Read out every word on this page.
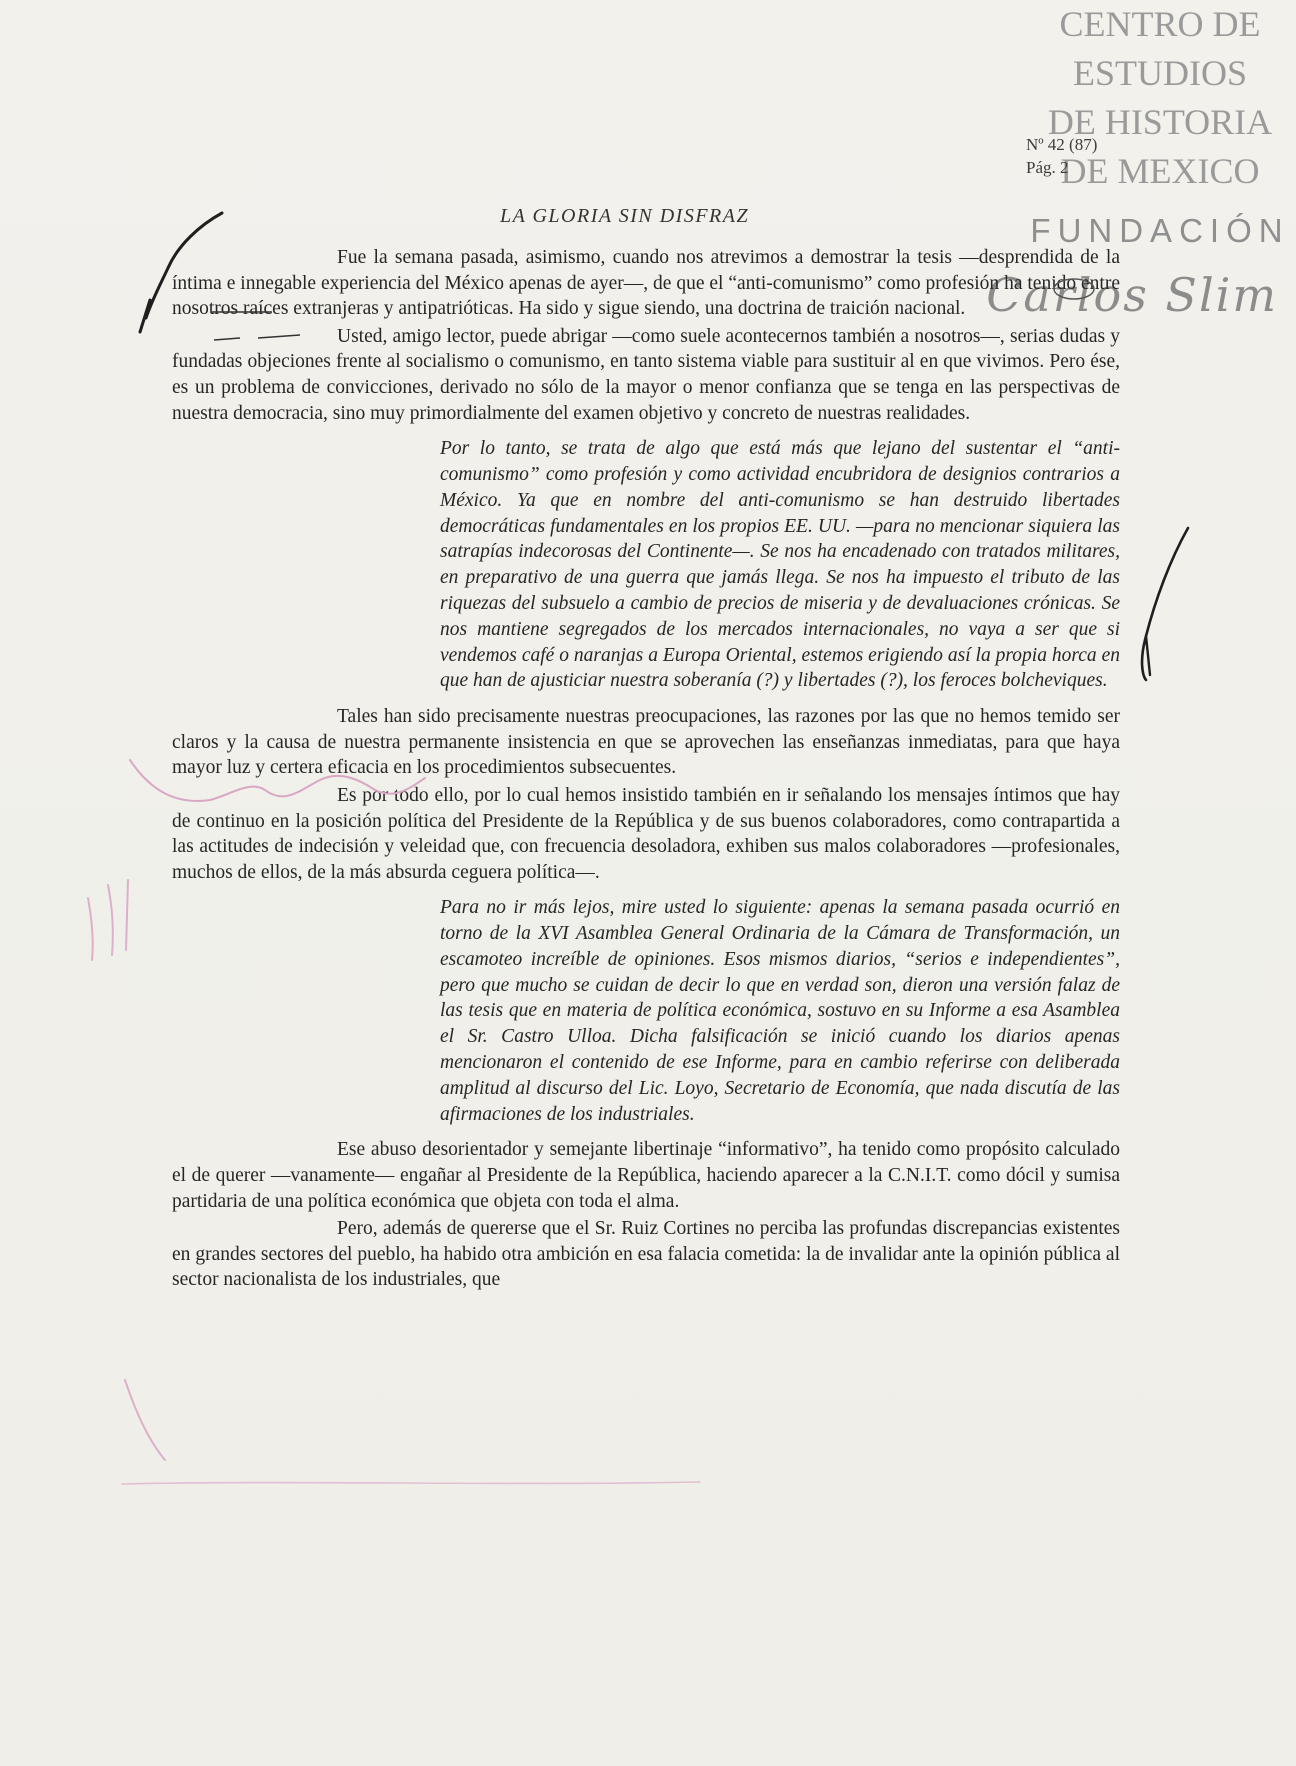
CENTRO DE
ESTUDIOS
DE HISTORIA
DE MEXICO
FUNDACIÓN
Carlos Slim
Nº 42 (87)
Pág. 2
LA GLORIA SIN DISFRAZ

Fue la semana pasada, asimismo, cuando nos atrevimos a demostrar la tesis —desprendida de la íntima e innegable experiencia del México apenas de ayer—, de que el “anti-comunismo” como profesión ha tenido entre nosotros raíces extranjeras y antipatrióticas. Ha sido y sigue siendo, una doctrina de traición nacional.

Usted, amigo lector, puede abrigar —como suele acontecernos también a nosotros—, serias dudas y fundadas objeciones frente al socialismo o comunismo, en tanto sistema viable para sustituir al en que vivimos. Pero ése, es un problema de convicciones, derivado no sólo de la mayor o menor confianza que se tenga en las perspectivas de nuestra democracia, sino muy primordialmente del examen objetivo y concreto de nuestras realidades.

Por lo tanto, se trata de algo que está más que lejano del sustentar el “anti-comunismo” como profesión y como actividad encubridora de designios contrarios a México. Ya que en nombre del anti-comunismo se han destruido libertades democráticas fundamentales en los propios EE. UU. —para no mencionar siquiera las satrapías indecorosas del Continente—. Se nos ha encadenado con tratados militares, en preparativo de una guerra que jamás llega. Se nos ha impuesto el tributo de las riquezas del subsuelo a cambio de precios de miseria y de devaluaciones crónicas. Se nos mantiene segregados de los mercados internacionales, no vaya a ser que si vendemos café o naranjas a Europa Oriental, estemos erigiendo así la propia horca en que han de ajusticiar nuestra soberanía (?) y libertades (?), los feroces bolcheviques.

Tales han sido precisamente nuestras preocupaciones, las razones por las que no hemos temido ser claros y la causa de nuestra permanente insistencia en que se aprovechen las enseñanzas inmediatas, para que haya mayor luz y certera eficacia en los procedimientos subsecuentes.

Es por todo ello, por lo cual hemos insistido también en ir señalando los mensajes íntimos que hay de continuo en la posición política del Presidente de la República y de sus buenos colaboradores, como contrapartida a las actitudes de indecisión y veleidad que, con frecuencia desoladora, exhiben sus malos colaboradores —profesionales, muchos de ellos, de la más absurda ceguera política—.

Para no ir más lejos, mire usted lo siguiente: apenas la semana pasada ocurrió en torno de la XVI Asamblea General Ordinaria de la Cámara de Transformación, un escamoteo increíble de opiniones. Esos mismos diarios, “serios e independientes”, pero que mucho se cuidan de decir lo que en verdad son, dieron una versión falaz de las tesis que en materia de política económica, sostuvo en su Informe a esa Asamblea el Sr. Castro Ulloa. Dicha falsificación se inició cuando los diarios apenas mencionaron el contenido de ese Informe, para en cambio referirse con deliberada amplitud al discurso del Lic. Loyo, Secretario de Economía, que nada discutía de las afirmaciones de los industriales.

Ese abuso desorientador y semejante libertinaje “informativo”, ha tenido como propósito calculado el de querer —vanamente— engañar al Presidente de la República, haciendo aparecer a la C.N.I.T. como dócil y sumisa partidaria de una política económica que objeta con toda el alma.

Pero, además de quererse que el Sr. Ruiz Cortines no perciba las profundas discrepancias existentes en grandes sectores del pueblo, ha habido otra ambición en esa falacia cometida: la de invalidar ante la opinión pública al sector nacionalista de los industriales, que
